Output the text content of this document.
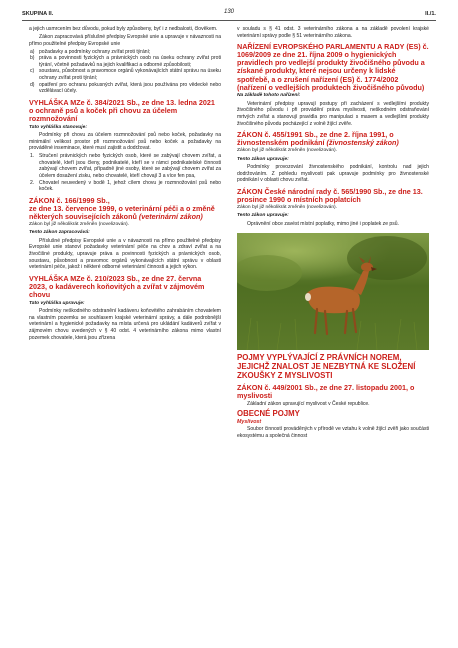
SKUPINA II.	130	II./1.

a jejich usmrcením bez důvodu, pokud byly způsobeny, byť i z nedbalosti, člověkem.

Zákon zapracovává příslušné předpisy Evropské unie a upravuje v návaznosti na přímo použitelné předpisy Evropské unie

a) požadavky a podmínky ochrany zvířat proti týrání;
b) práva a povinnosti fyzických a právnických osob na úseku ochrany zvířat proti týrání, včetně požadavků na jejich kvalifikaci a odborné způsobilosti;
c) soustavu, působnost a pravomoce orgánů vykonávajících státní správu na úseku ochrany zvířat proti týrání;
d) opatření pro ochranu pokusných zvířat, která jsou používána pro vědecké nebo vzdělávací účely.
VYHLÁŠKA MZe č. 384/2021 Sb., ze dne 13. ledna 2021 o ochraně psů a koček při chovu za účelem rozmnožování
Tato vyhláška stanovuje:

Podmínky při chovu za účelem rozmnožování psů nebo koček, požadavky na minimální velikost prostor při rozmnožování psů nebo koček a požadavky na prováděné inseminace, které musí zajistit a dodržovat.

1. Stručení právnických nebo fyzických osob, které se zabývají chovem zvířat, a chovatelé, kteří jsou členy, podnikatelé, kteří se v rámci podnikatelské činnosti zabývají chovem zvířat, případně jiné osoby, které se zabývají chovem zvířat za účelem dosažení zisku, nebo chovatelé, kteří chovají 3 a více fen psa,
2. Chovatel neuvedený v bodě 1, jehož cílem chovu je rozmnožování psů nebo koček.
ZÁKON č. 166/1999 Sb.,
ze dne 13. července 1999, o veterinární péči a o změně některých souvisejících zákonů (veterinární zákon)

Zákon byl již několikrát změněn (novelizován).

Tento zákon zapracovává:

Příslušné předpisy Evropské unie a v návaznosti na přímo použitelné předpisy Evropské unie stanoví požadavky veterinární péče na chov a zdraví zvířat a na živočišné produkty, upravuje práva a povinnosti fyzických a právnických osob, soustavu, působnost a pravomoc orgánů vykonávajících státní správu v oblasti veterinární péče, jakož i některé odborné veterinární činnosti a jejich výkon.

VYHLÁŠKA MZe č. 210/2023 Sb., ze dne 27. června 2023, o kadáverech koňovitých a zvířat v zájmovém chovu
Tato vyhláška upravuje:

Podmínky neškodného odstranění kadáveru koňovitého zahrabáním chovatelem na vlastním pozemku se souhlasem krajské veterinární správy, a dále podrobnější veterinární a hygienické požadavky na místa určená pro ukládání kadáverů zvířat v zájmovém chovu uvedených v § 40 odst. 4 veterinárního zákona mimo vlastní pozemek chovatele, která jsou zřízena

v souladu s § 41 odst. 3 veterinárního zákona a na základě povolení krajské veterinární správy podle § 51 veterinárního zákona.

NAŘÍZENÍ EVROPSKÉHO PARLAMENTU A RADY (ES) č. 1069/2009 ze dne 21. října 2009 o hygienických pravidlech pro vedlejší produkty živočišného původu a získané produkty, které nejsou určeny k lidské spotřebě, a o zrušení nařízení (ES) č. 1774/2002 (nařízení o vedlejších produktech živočišného původu)
Na základě tohoto nařízení:

Veterinární předpisy upravují postupy při zacházení s vedlejšími produkty živočišného původu i při provádění práva myslivosti, neškodném odstraňování mrtvých zvířat a stanovují pravidla pro manipulaci s masem a vedlejšími produkty živočišného původu pocházející z volně žijící zvěře.

ZÁKON č. 455/1991 Sb., ze dne 2. října 1991, o živnostenském podnikání (živnostenský zákon)

Zákon byl již několikrát změněn (novelizován).

Tento zákon upravuje:

Podmínky provozování živnostenského podnikání, kontrolu nad jejich dodržováním. Z pohledu myslivosti pak upravuje podmínky pro živnostenské podnikání v oblasti chovu zvířat.

ZÁKON České národní rady č. 565/1990 Sb., ze dne 13. prosince 1990 o místních poplatcích

Zákon byl již několikrát změněn (novelizován).

Tento zákon upravuje:

Oprávnění obce zavést místní poplatky, mimo jiné i poplatek ze psů.

POJMY VYPLÝVAJÍCÍ Z PRÁVNÍCH NOREM, JEJICHŽ ZNALOST JE NEZBYTNÁ KE SLOŽENÍ ZKOUŠKY Z MYSLIVOSTI
ZÁKON č. 449/2001 Sb., ze dne 27. listopadu 2001, o myslivosti

Základní zákon upravující myslivost v České republice.

OBECNÉ POJMY
Myslivost

Soubor činností prováděných v přírodě ve vztahu k volně žijící zvěři jako součásti ekosystému a společná činnost
